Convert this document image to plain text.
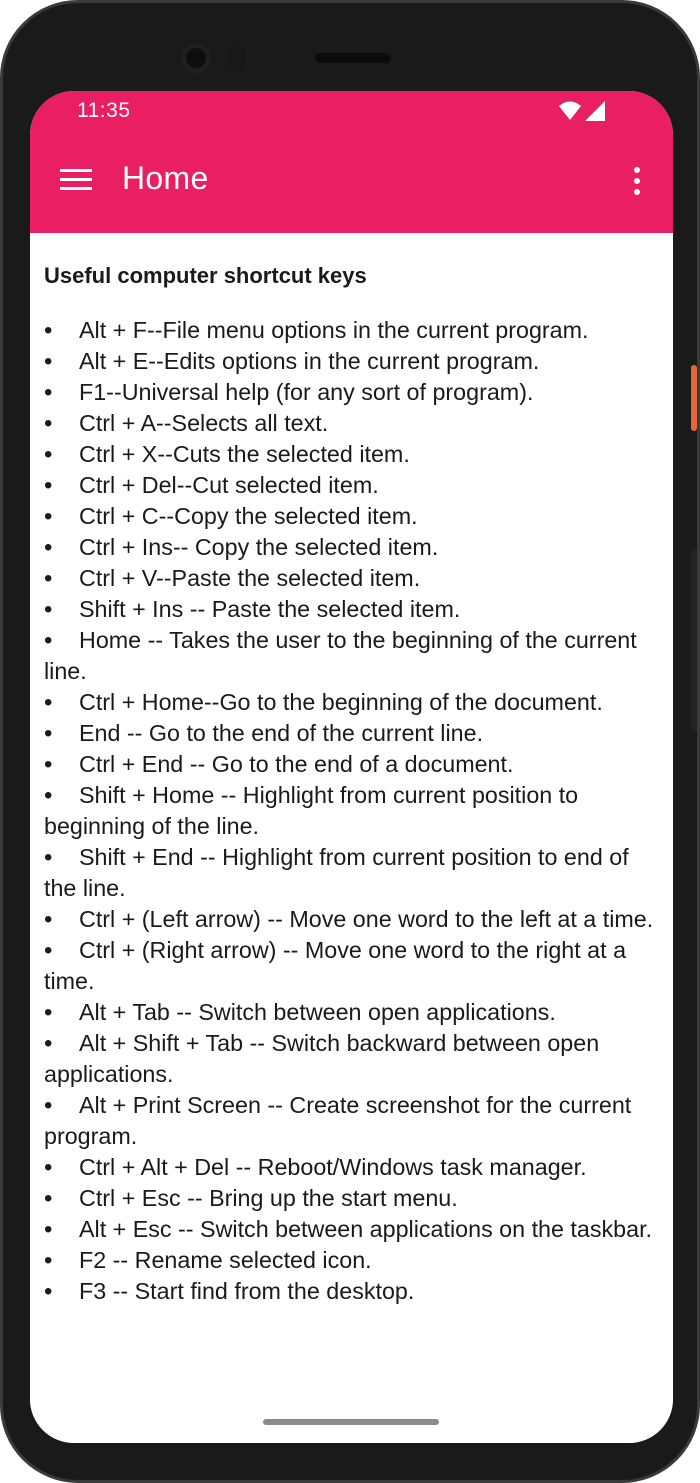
11:35
Home
Useful computer shortcut keys
• Alt + F--File menu options in the current program.
• Alt + E--Edits options in the current program.
• F1--Universal help (for any sort of program).
• Ctrl + A--Selects all text.
• Ctrl + X--Cuts the selected item.
• Ctrl + Del--Cut selected item.
• Ctrl + C--Copy the selected item.
• Ctrl + Ins-- Copy the selected item.
• Ctrl + V--Paste the selected item.
• Shift + Ins -- Paste the selected item.
• Home -- Takes the user to the beginning of the current line.
• Ctrl + Home--Go to the beginning of the document.
• End -- Go to the end of the current line.
• Ctrl + End -- Go to the end of a document.
• Shift + Home -- Highlight from current position to beginning of the line.
• Shift + End -- Highlight from current position to end of the line.
• Ctrl + (Left arrow) -- Move one word to the left at a time.
• Ctrl + (Right arrow) -- Move one word to the right at a time.
• Alt + Tab -- Switch between open applications.
• Alt + Shift + Tab -- Switch backward between open applications.
• Alt + Print Screen -- Create screenshot for the current program.
• Ctrl + Alt + Del -- Reboot/Windows task manager.
• Ctrl + Esc -- Bring up the start menu.
• Alt + Esc -- Switch between applications on the taskbar.
• F2 -- Rename selected icon.
• F3 -- Start find from the desktop.
